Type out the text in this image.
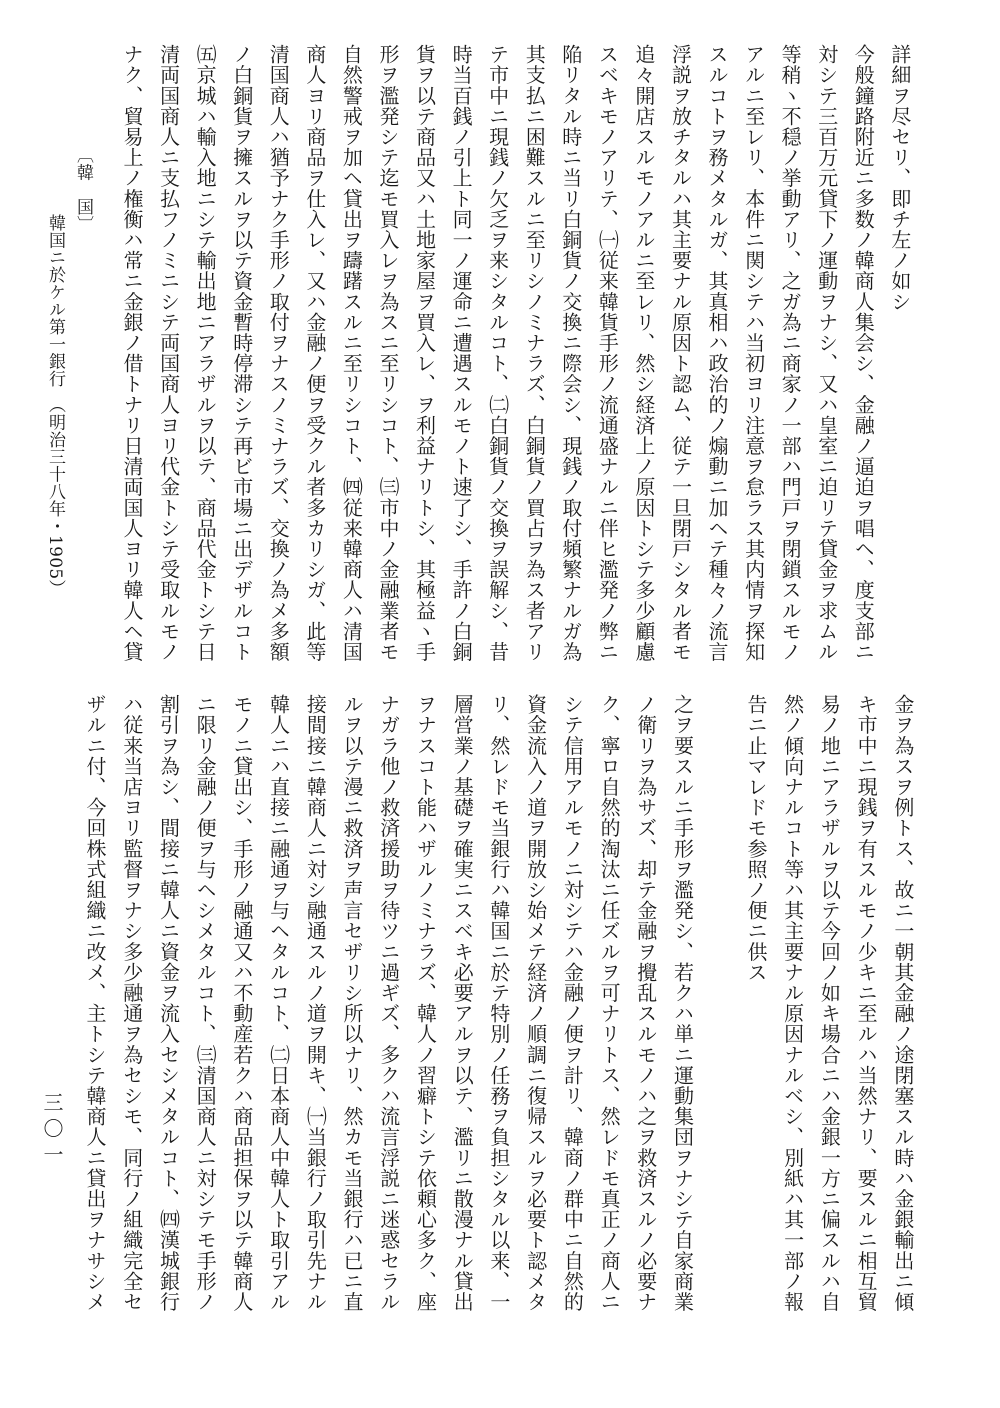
詳細ヲ尽セリ、即チ左ノ如シ

今般鐘路附近ニ多数ノ韓商人集会シ、金融ノ逼迫ヲ唱ヘ、度支部ニ

対シテ三百万元貸下ノ運動ヲナシ、又ハ皇室ニ迫リテ貸金ヲ求ムル

等稍ヽ不穏ノ挙動アリ、之ガ為ニ商家ノ一部ハ門戸ヲ閉鎖スルモノ

アルニ至レリ、本件ニ関シテハ当初ヨリ注意ヲ怠ラス其内情ヲ探知

スルコトヲ務メタルガ、其真相ハ政治的ノ煽動ニ加ヘテ種々ノ流言

浮説ヲ放チタルハ其主要ナル原因ト認ム、従テ一旦閉戸シタル者モ

追々開店スルモノアルニ至レリ、然シ経済上ノ原因トシテ多少顧慮

スベキモノアリテ、㈠従来韓貨手形ノ流通盛ナルニ伴ヒ濫発ノ弊ニ

陥リタル時ニ当リ白銅貨ノ交換ニ際会シ、現銭ノ取付頻繁ナルガ為

其支払ニ困難スルニ至リシノミナラズ、白銅貨ノ買占ヲ為ス者アリ

テ市中ニ現銭ノ欠乏ヲ来シタルコト、㈡白銅貨ノ交換ヲ誤解シ、昔

時当百銭ノ引上ト同一ノ運命ニ遭遇スルモノト速了シ、手許ノ白銅

貨ヲ以テ商品又ハ土地家屋ヲ買入レ、ヲ利益ナリトシ、其極益ヽ手

形ヲ濫発シテ迄モ買入レヲ為スニ至リシコト、㈢市中ノ金融業者モ

自然警戒ヲ加ヘ貸出ヲ躊躇スルニ至リシコト、㈣従来韓商人ハ清国

商人ヨリ商品ヲ仕入レ、又ハ金融ノ便ヲ受クル者多カリシガ、此等

清国商人ハ猶予ナク手形ノ取付ヲナスノミナラズ、交換ノ為メ多額

ノ白銅貨ヲ擁スルヲ以テ資金暫時停滞シテ再ビ市場ニ出デザルコト

㈤京城ハ輸入地ニシテ輸出地ニアラザルヲ以テ、商品代金トシテ日

清両国商人ニ支払フノミニシテ両国商人ヨリ代金トシテ受取ルモノ

ナク、貿易上ノ権衡ハ常ニ金銀ノ借トナリ日清両国人ヨリ韓人ヘ貸

金ヲ為スヲ例トス、故ニ一朝其金融ノ途閉塞スル時ハ金銀輸出ニ傾

キ市中ニ現銭ヲ有スルモノ少キニ至ルハ当然ナリ、要スルニ相互貿

易ノ地ニアラザルヲ以テ今回ノ如キ場合ニハ金銀一方ニ偏スルハ自

然ノ傾向ナルコト等ハ其主要ナル原因ナルベシ、別紙ハ其一部ノ報

告ニ止マレドモ参照ノ便ニ供ス

之ヲ要スルニ手形ヲ濫発シ、若クハ単ニ運動集団ヲナシテ自家商業

ノ衛リヲ為サズ、却テ金融ヲ攪乱スルモノハ之ヲ救済スルノ必要ナ

ク、寧ロ自然的淘汰ニ任ズルヲ可ナリトス、然レドモ真正ノ商人ニ

シテ信用アルモノニ対シテハ金融ノ便ヲ計リ、韓商ノ群中ニ自然的

資金流入ノ道ヲ開放シ始メテ経済ノ順調ニ復帰スルヲ必要ト認メタ

リ、然レドモ当銀行ハ韓国ニ於テ特別ノ任務ヲ負担シタル以来、一

層営業ノ基礎ヲ確実ニスベキ必要アルヲ以テ、濫リニ散漫ナル貸出

ヲナスコト能ハザルノミナラズ、韓人ノ習癖トシテ依頼心多ク、座

ナガラ他ノ救済援助ヲ待ツニ過ギズ、多クハ流言浮説ニ迷惑セラル

ルヲ以テ漫ニ救済ヲ声言セザリシ所以ナリ、然カモ当銀行ハ已ニ直

接間接ニ韓商人ニ対シ融通スルノ道ヲ開キ、㈠当銀行ノ取引先ナル

韓人ニハ直接ニ融通ヲ与ヘタルコト、㈡日本商人中韓人ト取引アル

モノニ貸出シ、手形ノ融通又ハ不動産若クハ商品担保ヲ以テ韓商人

ニ限リ金融ノ便ヲ与ヘシメタルコト、㈢清国商人ニ対シテモ手形ノ

割引ヲ為シ、間接ニ韓人ニ資金ヲ流入セシメタルコト、㈣漢城銀行

ハ従来当店ヨリ監督ヲナシ多少融通ヲ為セシモ、同行ノ組織完全セ

ザルニ付、今回株式組織ニ改メ、主トシテ韓商人ニ貸出ヲナサシメ

〔韓　国〕
韓国ニ於ケル第一銀行　（明治三十八年・1905）
三〇一
